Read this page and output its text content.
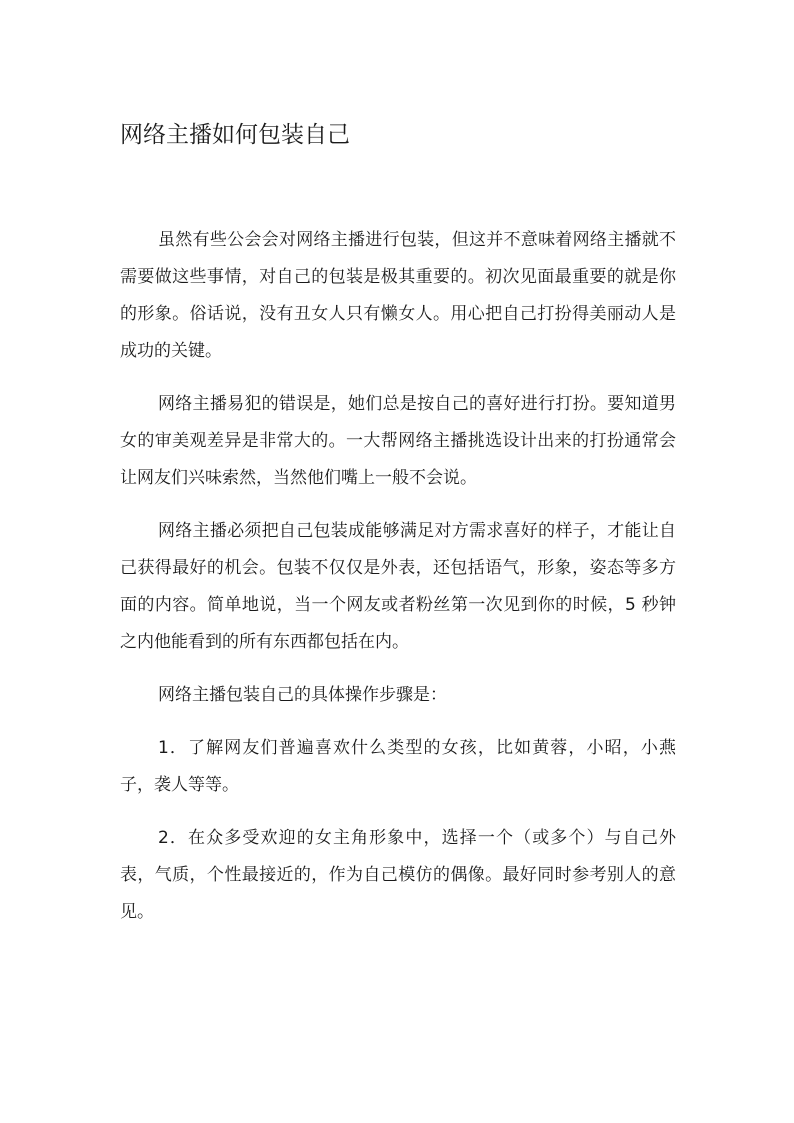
网络主播如何包装自己

虽然有些公会会对网络主播进行包装，但这并不意味着网络主播就不需要做这些事情，对自己的包装是极其重要的。初次见面最重要的就是你的形象。俗话说，没有丑女人只有懒女人。用心把自己打扮得美丽动人是成功的关键。

网络主播易犯的错误是，她们总是按自己的喜好进行打扮。要知道男女的审美观差异是非常大的。一大帮网络主播挑选设计出来的打扮通常会让网友们兴味索然，当然他们嘴上一般不会说。

网络主播必须把自己包装成能够满足对方需求喜好的样子，才能让自己获得最好的机会。包装不仅仅是外表，还包括语气，形象，姿态等多方面的内容。简单地说，当一个网友或者粉丝第一次见到你的时候，5 秒钟之内他能看到的所有东西都包括在内。

网络主播包装自己的具体操作步骤是：

1．了解网友们普遍喜欢什么类型的女孩，比如黄蓉，小昭，小燕子，袭人等等。

2．在众多受欢迎的女主角形象中，选择一个（或多个）与自己外表，气质，个性最接近的，作为自己模仿的偶像。最好同时参考别人的意见。
